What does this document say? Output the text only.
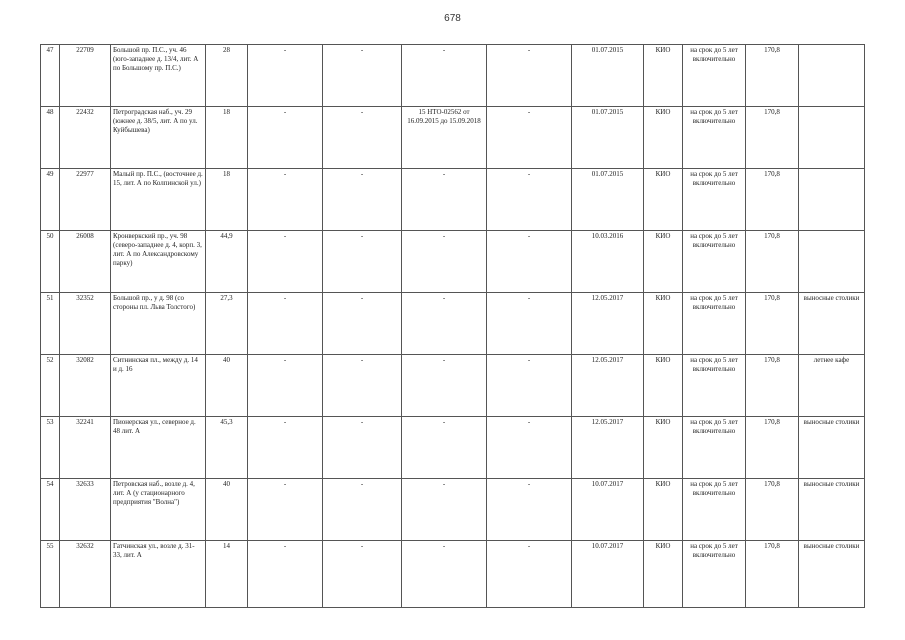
678
47	22709	Большой пр. П.С., уч. 46 (юго-западнее д. 13/4, лит. А по Большому пр. П.С.)	28	-	-	-	-	01.07.2015	КИО	на срок до 5 лет включительно	170,8	
48	22432	Петроградская наб., уч. 29 (южнее д. 38/5, лит. А по ул. Куйбышева)	18	-	-	15 НТО-02562 от 16.09.2015 до 15.09.2018	-	01.07.2015	КИО	на срок до 5 лет включительно	170,8	
49	22977	Малый пр. П.С., (восточнее д. 15, лит. А по Колпинской ул.)	18	-	-	-	-	01.07.2015	КИО	на срок до 5 лет включительно	170,8	
50	26008	Кронверкский пр., уч. 98 (северо-западнее д. 4, корп. 3, лит. А по Александровскому парку)	44,9	-	-	-	-	10.03.2016	КИО	на срок до 5 лет включительно	170,8	
51	32352	Большой пр., у д. 98 (со стороны пл. Льва Толстого)	27,3	-	-	-	-	12.05.2017	КИО	на срок до 5 лет включительно	170,8	выносные столики
52	32082	Ситнинская пл., между д. 14 и д. 16	40	-	-	-	-	12.05.2017	КИО	на срок до 5 лет включительно	170,8	летнее кафе
53	32241	Пионерская ул., северное д. 48 лит. А	45,3	-	-	-	-	12.05.2017	КИО	на срок до 5 лет включительно	170,8	выносные столики
54	32633	Петровская наб., возле д. 4, лит. А (у стационарного предприятия "Волна")	40	-	-	-	-	10.07.2017	КИО	на срок до 5 лет включительно	170,8	выносные столики
55	32632	Гатчинская ул., возле д. 31-33, лит. А	14	-	-	-	-	10.07.2017	КИО	на срок до 5 лет включительно	170,8	выносные столики
